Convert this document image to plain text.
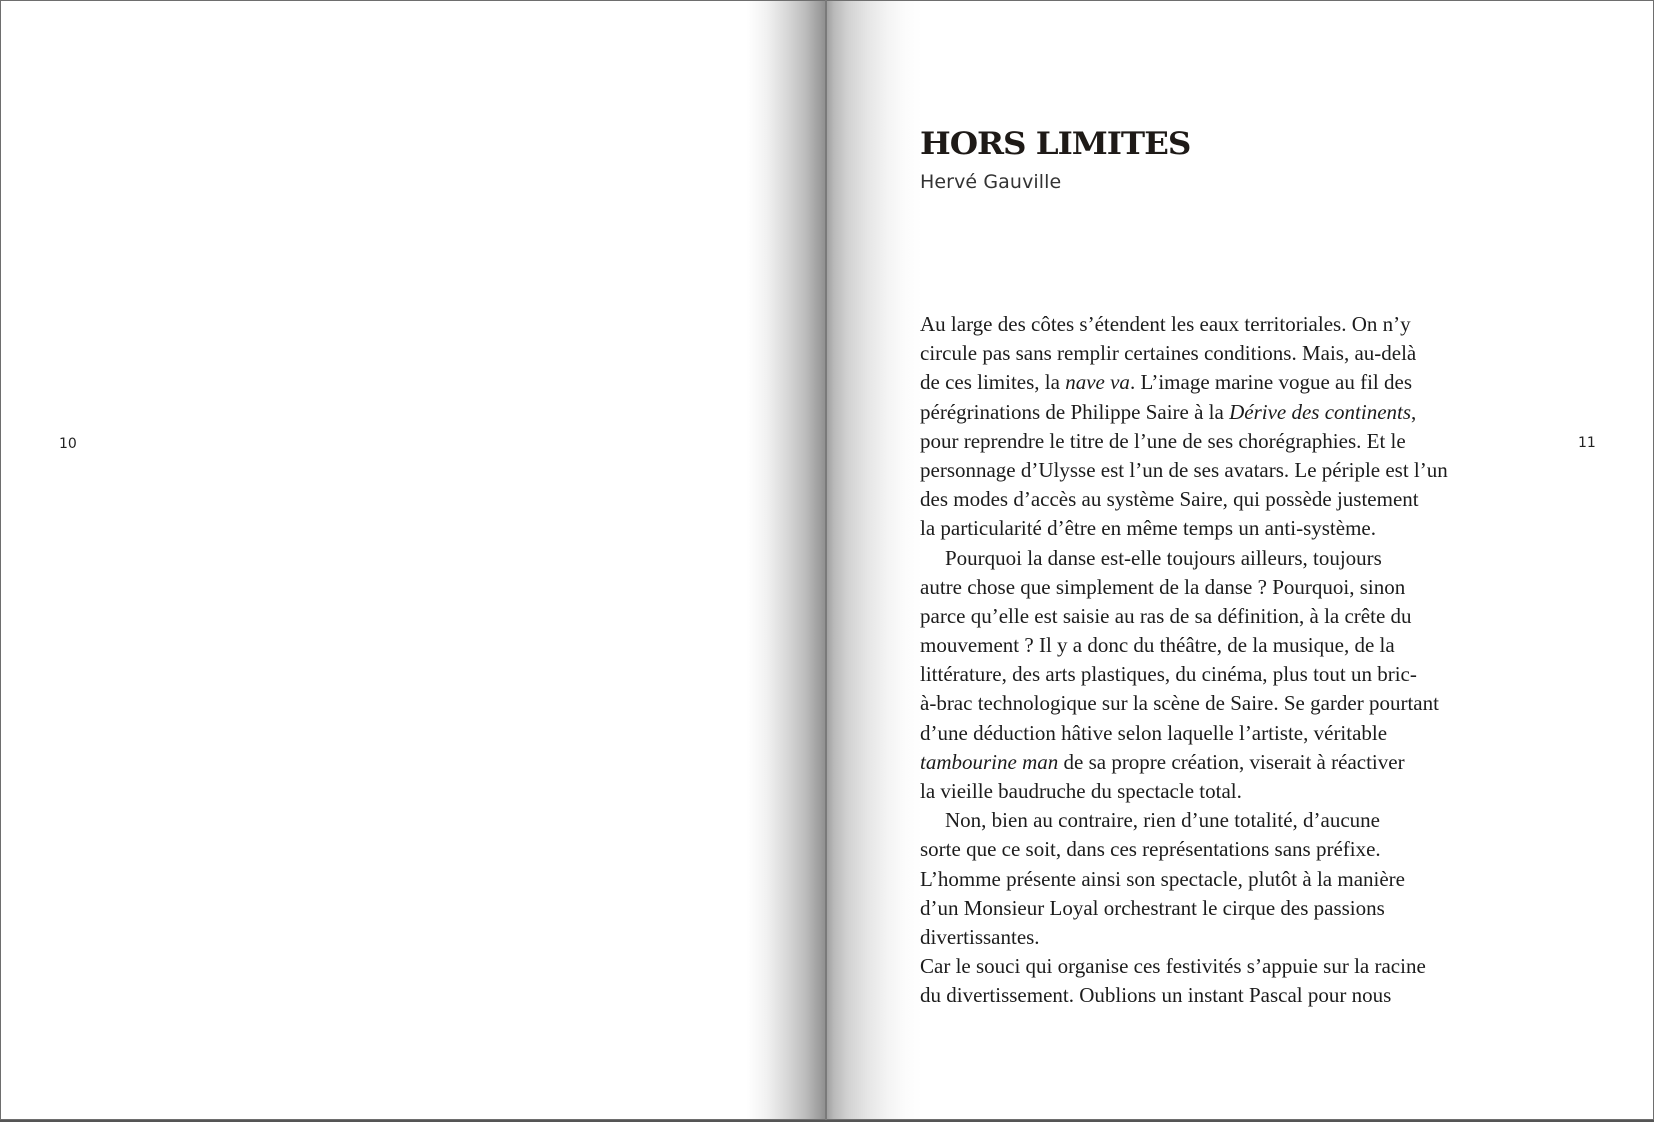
10	11
HORS LIMITES

Hervé Gauville

Au large des côtes s’étendent les eaux territoriales. On n’y
circule pas sans remplir certaines conditions. Mais, au-delà
de ces limites, la nave va. L’image marine vogue au fil des
pérégrinations de Philippe Saire à la Dérive des continents,
pour reprendre le titre de l’une de ses chorégraphies. Et le
personnage d’Ulysse est l’un de ses avatars. Le périple est l’un
des modes d’accès au système Saire, qui possède justement
la particularité d’être en même temps un anti-système.
Pourquoi la danse est-elle toujours ailleurs, toujours
autre chose que simplement de la danse ? Pourquoi, sinon
parce qu’elle est saisie au ras de sa définition, à la crête du
mouvement ? Il y a donc du théâtre, de la musique, de la
littérature, des arts plastiques, du cinéma, plus tout un bric-
à-brac technologique sur la scène de Saire. Se garder pourtant
d’une déduction hâtive selon laquelle l’artiste, véritable
tambourine man de sa propre création, viserait à réactiver
la vieille baudruche du spectacle total.
Non, bien au contraire, rien d’une totalité, d’aucune
sorte que ce soit, dans ces représentations sans préfixe.
L’homme présente ainsi son spectacle, plutôt à la manière
d’un Monsieur Loyal orchestrant le cirque des passions
divertissantes.
Car le souci qui organise ces festivités s’appuie sur la racine
du divertissement. Oublions un instant Pascal pour nous
